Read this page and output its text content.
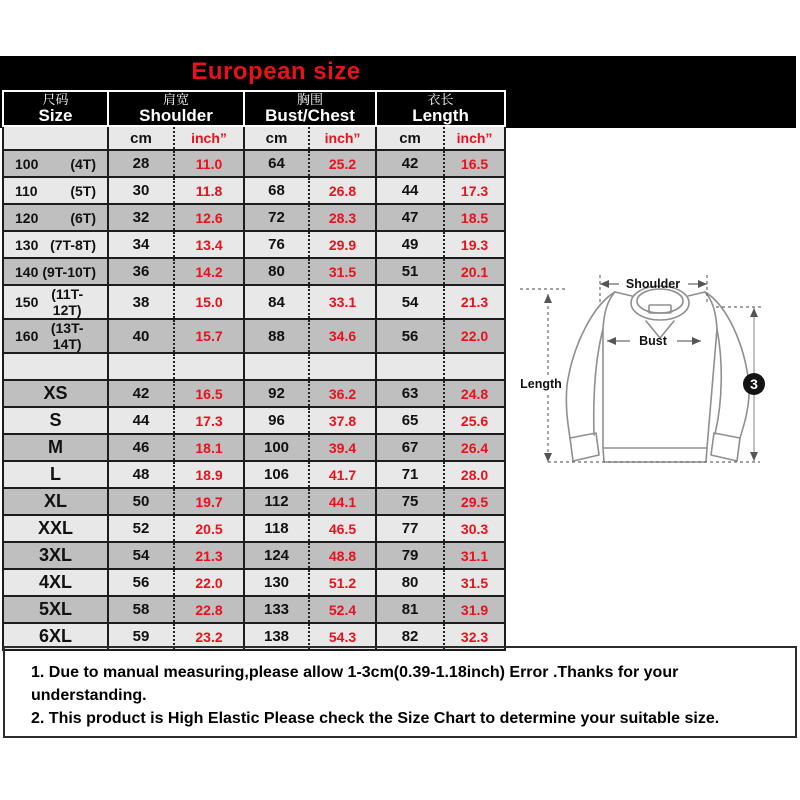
European size
尺码
Size

肩宽
Shoulder

胸围
Bust/Chest

衣长
Length

	cm	inch”	cm	inch”	cm	inch”

100 (4T)	28	11.0	64	25.2	42	16.5

110 (5T)	30	11.8	68	26.8	44	17.3

120 (6T)	32	12.6	72	28.3	47	18.5

130 (7T-8T)	34	13.4	76	29.9	49	19.3

140 (9T-10T)	36	14.2	80	31.5	51	20.1

150 (11T-12T)	38	15.0	84	33.1	54	21.3

160 (13T-14T)	40	15.7	88	34.6	56	22.0

XS	42	16.5	92	36.2	63	24.8
S	44	17.3	96	37.8	65	25.6
M	46	18.1	100	39.4	67	26.4
L	48	18.9	106	41.7	71	28.0
XL	50	19.7	112	44.1	75	29.5
XXL	52	20.5	118	46.5	77	30.3
3XL	54	21.3	124	48.8	79	31.1
4XL	56	22.0	130	51.2	80	31.5
5XL	58	22.8	133	52.4	81	31.9
6XL	59	23.2	138	54.3	82	32.3
Shoulder
Bust
Length	3
1. Due to manual measuring,please allow 1-3cm(0.39-1.18inch) Error .Thanks for your understanding.
2. This product is High Elastic Please check the Size Chart to determine your suitable size.
